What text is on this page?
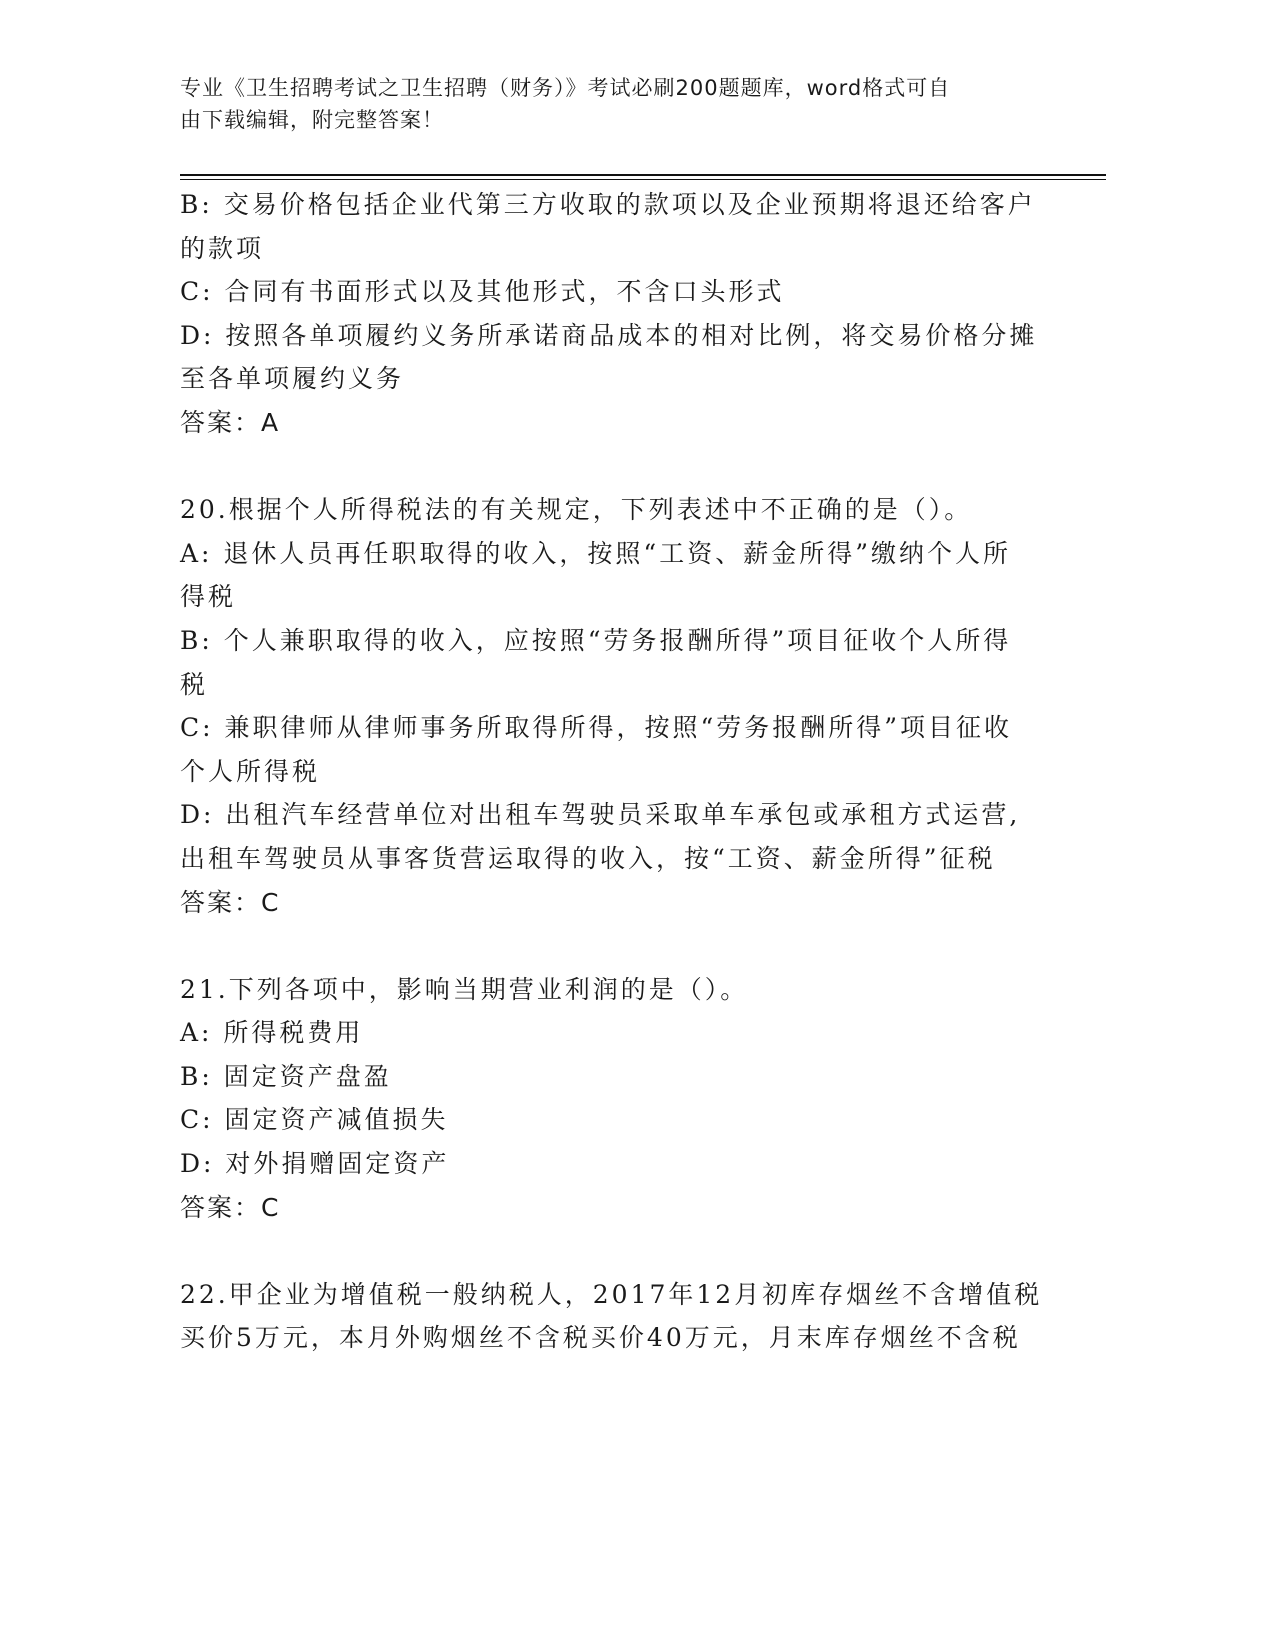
专业《卫生招聘考试之卫生招聘（财务）》考试必刷200题题库，word格式可自
由下载编辑，附完整答案！
B: 交易价格包括企业代第三方收取的款项以及企业预期将退还给客户
的款项
C: 合同有书面形式以及其他形式，不含口头形式
D: 按照各单项履约义务所承诺商品成本的相对比例，将交易价格分摊
至各单项履约义务
答案：A
20.根据个人所得税法的有关规定，下列表述中不正确的是（）。
A: 退休人员再任职取得的收入，按照“工资、薪金所得”缴纳个人所
得税
B: 个人兼职取得的收入，应按照“劳务报酬所得”项目征收个人所得
税
C: 兼职律师从律师事务所取得所得，按照“劳务报酬所得”项目征收
个人所得税
D: 出租汽车经营单位对出租车驾驶员采取单车承包或承租方式运营,
出租车驾驶员从事客货营运取得的收入，按“工资、薪金所得”征税
答案：C
21.下列各项中，影响当期营业利润的是（）。
A: 所得税费用
B: 固定资产盘盈
C: 固定资产减值损失
D: 对外捐赠固定资产
答案：C
22.甲企业为增值税一般纳税人，2017年12月初库存烟丝不含增值税
买价5万元，本月外购烟丝不含税买价40万元，月末库存烟丝不含税
